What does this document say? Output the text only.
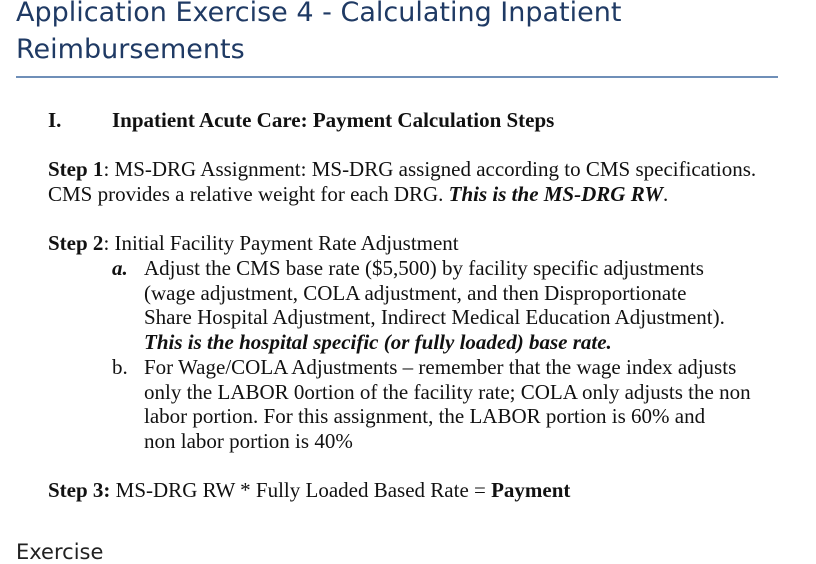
Application Exercise 4 - Calculating Inpatient
Reimbursements
I. Inpatient Acute Care: Payment Calculation Steps
Step 1: MS-DRG Assignment: MS-DRG assigned according to CMS specifications.
CMS provides a relative weight for each DRG. This is the MS-DRG RW.
Step 2: Initial Facility Payment Rate Adjustment
a. Adjust the CMS base rate ($5,500) by facility specific adjustments
(wage adjustment, COLA adjustment, and then Disproportionate
Share Hospital Adjustment, Indirect Medical Education Adjustment).
This is the hospital specific (or fully loaded) base rate.
b. For Wage/COLA Adjustments – remember that the wage index adjusts
only the LABOR 0ortion of the facility rate; COLA only adjusts the non
labor portion. For this assignment, the LABOR portion is 60% and
non labor portion is 40%
Step 3: MS-DRG RW * Fully Loaded Based Rate = Payment
Exercise
